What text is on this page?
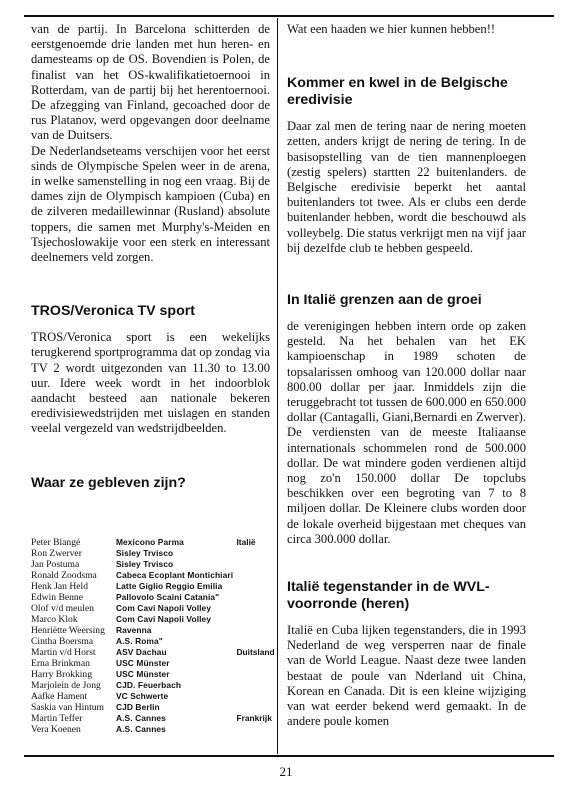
van de partij. In Barcelona schitterden de eerstgenoemde drie landen met hun heren- en damesteams op de OS. Bovendien is Polen, de finalist van het OS-kwalifikatietoernooi in Rotterdam, van de partij bij het herentoernooi. De afzegging van Finland, gecoached door de rus Platanov, werd opgevangen door deelname van de Duitsers.

De Nederlandseteams verschijen voor het eerst sinds de Olympische Spelen weer in de arena, in welke samenstelling in nog een vraag. Bij de dames zijn de Olympisch kampioen (Cuba) en de zilveren medaillewinnar (Rusland) absolute toppers, die samen met Murphy's-Meiden en Tsjechoslowakije voor een sterk en interessant deelnemers veld zorgen.

TROS/Veronica TV sport

TROS/Veronica sport is een wekelijks terugkerend sportprogramma dat op zondag via TV 2 wordt uitgezonden van 11.30 to 13.00 uur. Idere week wordt in het indoorblok aandacht besteed aan nationale bekeren eredivisiewedstrijden met uislagen en standen veelal vergezeld van wedstrijdbeelden.

Waar ze gebleven zijn?
Peter Blangé	Mexicono Parma	Italië
Ron Zwerver	Sisley Trvisco
Jan Postuma	Sisley Trvisco
Ronald Zoodsma	Cabeca Ecoplant Montichiari
Henk Jan Held	Latte Giglio Reggio Emilia
Edwin Benne	Pallovolo Scaini Catania"
Olof v/d meulen	Com Cavi Napoli Volley
Marco Klok	Com Cavi Napoli Volley
Henriëtte Weersing	Ravenna
Cintha Boersma	A.S. Roma"
Martin v/d Horst	ASV Dachau	Duitsland
Erna Brinkman	USC Münster
Harry Brokking	USC Münster
Marjolein de Jong	CJD. Feuerbach
Aafke Hament	VC Schwerte
Saskia van Hintum	CJD Berlin
Martin Teffer	A.S. Cannes	Frankrijk
Vera Koenen	A.S. Cannes

Wat een haaden we hier kunnen hebben!!

Kommer en kwel in de Belgische eredivisie

Daar zal men de tering naar de nering moeten zetten, anders krijgt de nering de tering. In de basisopstelling van de tien mannenploegen (zestig spelers) startten 22 buitenlanders. de Belgische eredivisie beperkt het aantal buitenlanders tot twee. Als er clubs een derde buitenlander hebben, wordt die beschouwd als volleybelg. Die status verkrijgt men na vijf jaar bij dezelfde club te hebben gespeeld.

In Italië grenzen aan de groei

de verenigingen hebben intern orde op zaken gesteld. Na het behalen van het EK kampioenschap in 1989 schoten de topsalarissen omhoog van 120.000 dollar naar 800.00 dollar per jaar. Inmiddels zijn die teruggebracht tot tussen de 600.000 en 650.000 dollar (Cantagalli, Giani,Bernardi en Zwerver). De verdiensten van de meeste Italiaanse internationals schommelen rond de 500.000 dollar. De wat mindere goden verdienen altijd nog zo'n 150.000 dollar De topclubs beschikken over een begroting van 7 to 8 miljoen dollar. De Kleinere clubs worden door de lokale overheid bijgestaan met cheques van circa 300.000 dollar.

Italië tegenstander in de WVL-voorronde (heren)

Italië en Cuba lijken tegenstanders, die in 1993 Nederland de weg versperren naar de finale van de World League. Naast deze twee landen bestaat de poule van Nderland uit China, Korean en Canada. Dit is een kleine wijziging van wat eerder bekend werd gemaakt. In de andere poule komen

21
